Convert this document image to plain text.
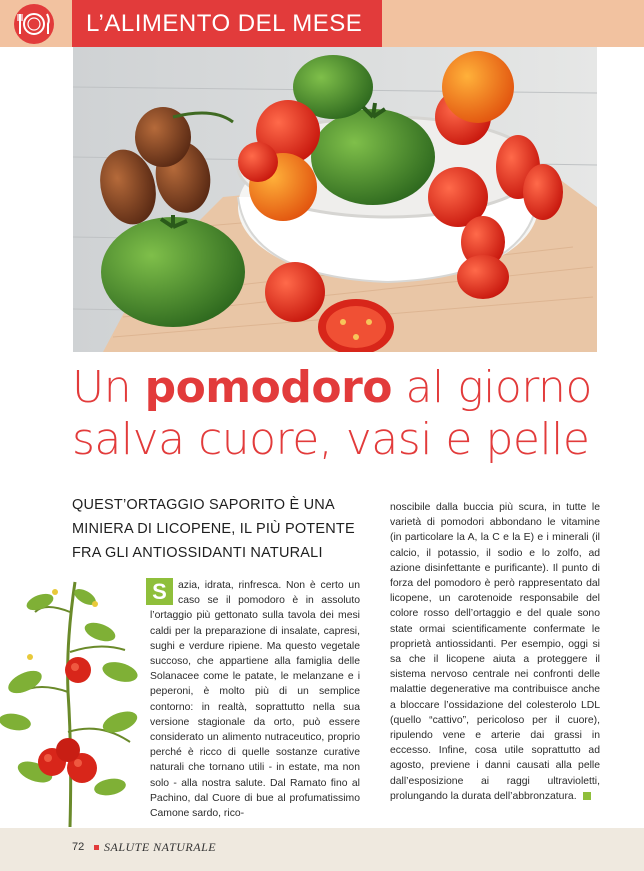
L’ALIMENTO DEL MESE
Un pomodoro al giorno
salva cuore, vasi e pelle

QUEST’ORTAGGIO SAPORITO È UNA MINIERA DI LICOPENE, IL PIÙ POTENTE FRA GLI ANTIOSSIDANTI NATURALI

S	azia, idrata, rinfresca. Non è certo un caso se il pomodoro è in assoluto l’ortaggio più gettonato sulla tavola dei mesi caldi per la preparazione di insalate, capresi, sughi e verdure ripiene. Ma questo vegetale succoso, che appartiene alla famiglia delle Solanacee come le patate, le melanzane e i peperoni, è molto più di un semplice contorno: in realtà, soprattutto nella sua versione stagionale da orto, può essere considerato un alimento nutraceutico, proprio perché è ricco di quelle sostanze curative naturali che tornano utili - in estate, ma non solo - alla nostra salute. Dal Ramato fino al Pachino, dal Cuore di bue al profumatissimo Camone sardo, rico-
noscibile dalla buccia più scura, in tutte le varietà di pomodori abbondano le vitamine (in particolare la A, la C e la E) e i minerali (il calcio, il potassio, il sodio e lo zolfo, ad azione disinfettante e purificante). Il punto di forza del pomodoro è però rappresentato dal licopene, un carotenoide responsabile del colore rosso dell’ortaggio e del quale sono state ormai scientificamente confermate le proprietà antiossidanti. Per esempio, oggi si sa che il licopene aiuta a proteggere il sistema nervoso centrale nei confronti delle malattie degenerative ma contribuisce anche a bloccare l’ossidazione del colesterolo LDL (quello “cattivo”, pericoloso per il cuore), ripulendo vene e arterie dai grassi in eccesso. Infine, cosa utile soprattutto ad agosto, previene i danni causati alla pelle dall’esposizione ai raggi ultravioletti, prolungando la durata dell’abbronzatura.
72 SALUTE NATURALE
